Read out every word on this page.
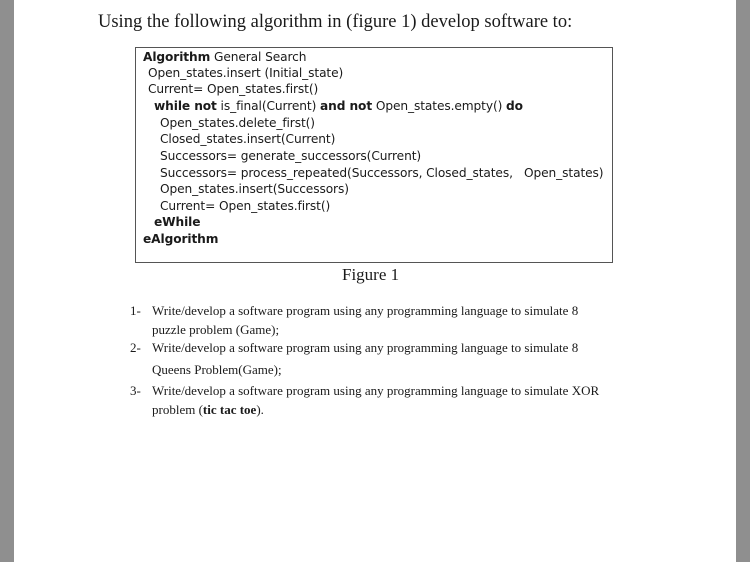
Using the following algorithm in (figure 1) develop software to:
Algorithm General Search
Open_states.insert (Initial_state)
Current= Open_states.first()
while not is_final(Current) and not Open_states.empty() do
Open_states.delete_first()
Closed_states.insert(Current)
Successors= generate_successors(Current)
Successors= process_repeated(Successors, Closed_states, Open_states)
Open_states.insert(Successors)
Current= Open_states.first()
eWhile
eAlgorithm
Figure 1
1- Write/develop a software program using any programming language to simulate 8
puzzle problem (Game);
2- Write/develop a software program using any programming language to simulate 8
Queens Problem(Game);
3- Write/develop a software program using any programming language to simulate XOR
problem (tic tac toe).
